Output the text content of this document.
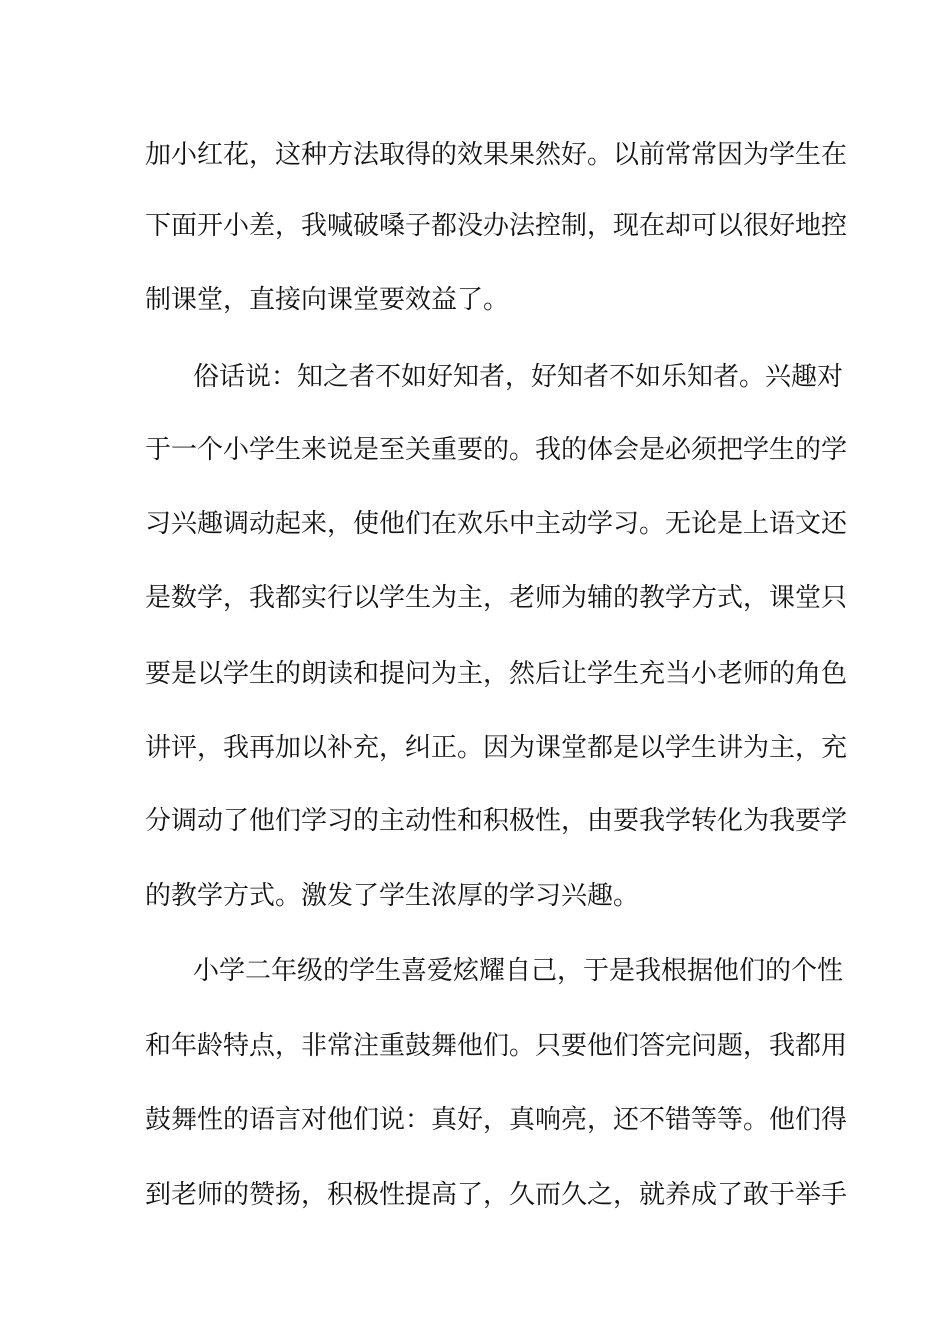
加小红花，这种方法取得的效果果然好。以前常常因为学生在
下面开小差，我喊破嗓子都没办法控制，现在却可以很好地控
制课堂，直接向课堂要效益了。
俗话说：知之者不如好知者，好知者不如乐知者。兴趣对
于一个小学生来说是至关重要的。我的体会是必须把学生的学
习兴趣调动起来，使他们在欢乐中主动学习。无论是上语文还
是数学，我都实行以学生为主，老师为辅的教学方式，课堂只
要是以学生的朗读和提问为主，然后让学生充当小老师的角色
讲评，我再加以补充，纠正。因为课堂都是以学生讲为主，充
分调动了他们学习的主动性和积极性，由要我学转化为我要学
的教学方式。激发了学生浓厚的学习兴趣。
小学二年级的学生喜爱炫耀自己，于是我根据他们的个性
和年龄特点，非常注重鼓舞他们。只要他们答完问题，我都用
鼓舞性的语言对他们说：真好，真响亮，还不错等等。他们得
到老师的赞扬，积极性提高了，久而久之，就养成了敢于举手
